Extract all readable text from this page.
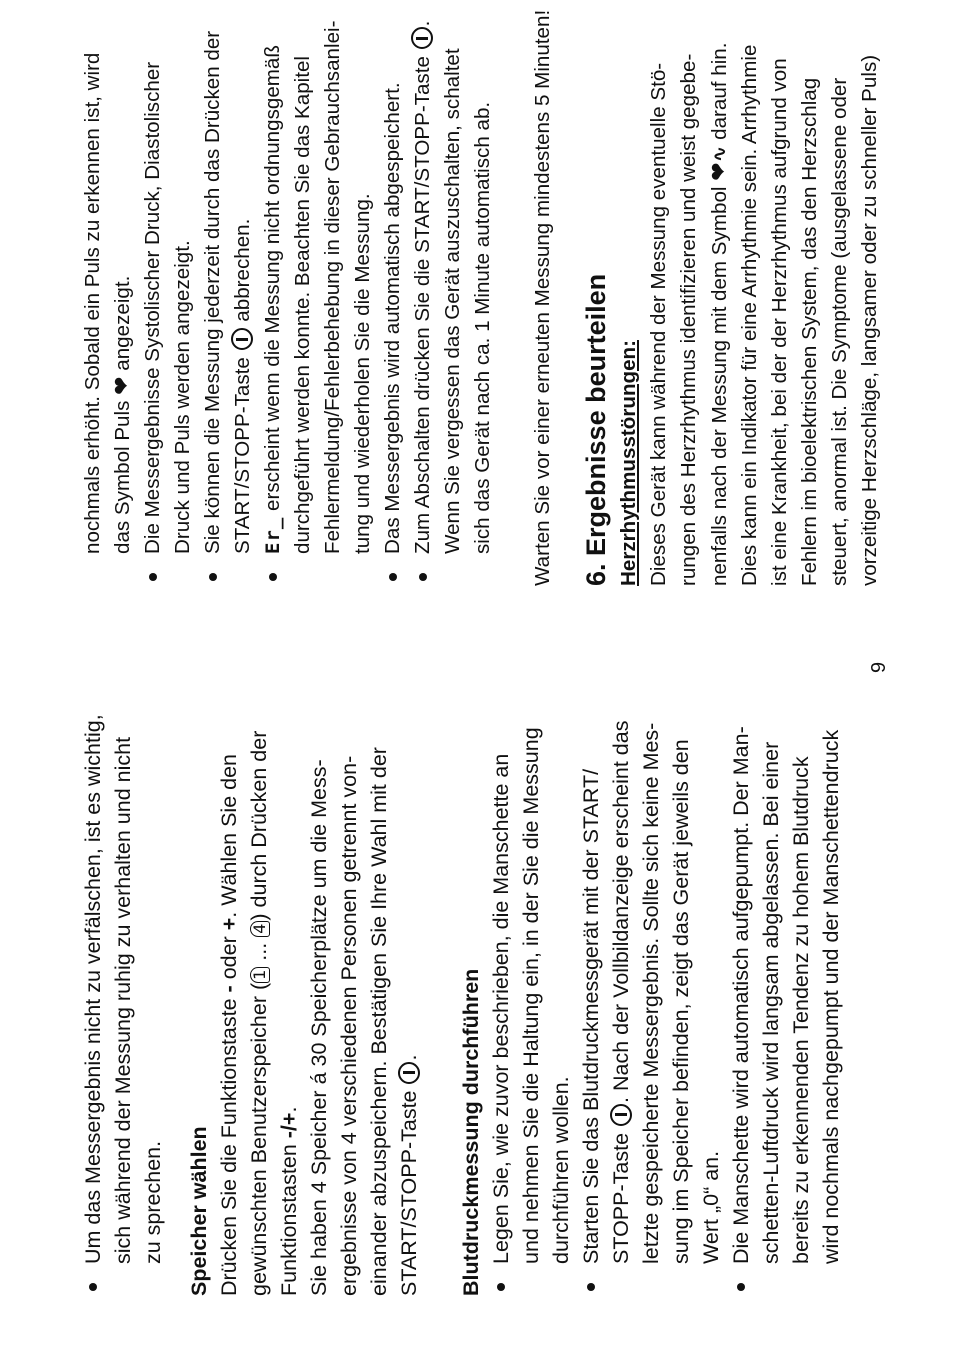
Um das Messergebnis nicht zu verfälschen, ist es wichtig, sich während der Messung ruhig zu verhalten und nicht zu sprechen. Speicher wählen Drücken Sie die Funktionstaste - oder +. Wählen Sie den
gewünschten Benutzerspeicher (1 ... 4) durch Drücken der
Funktionstasten -/+. Sie haben 4 Speicher á 30 Speicherplätze um die Mess- ergebnisse von 4 verschiedenen Personen getrennt von- einander abzuspeichern. Bestätigen Sie Ihre Wahl mit der START/STOPP-Taste . Blutdruckmessung durchführen Legen Sie, wie zuvor beschrieben, die Manschette an und nehmen Sie die Haltung ein, in der Sie die Messung durchführen wollen. Starten Sie das Blutdruckmessgerät mit der START/ STOPP-Taste . Nach der Vollbildanzeige erscheint das letzte gespeicherte Messergebnis. Sollte sich keine Mes- sung im Speicher befinden, zeigt das Gerät jeweils den Wert „0“ an. Die Manschette wird automatisch aufgepumpt. Der Man- schetten-Luftdruck wird langsam abgelassen. Bei einer bereits zu erkennenden Tendenz zu hohem Blutdruck wird nochmals nachgepumpt und der Manschettendruck
9
nochmals erhöht. Sobald ein Puls zu erkennen ist, wird das Symbol Puls ❤ angezeigt. Die Messergebnisse Systolischer Druck, Diastolischer Druck und Puls werden angezeigt. Sie können die Messung jederzeit durch das Drücken der START/STOPP-Taste  abbrechen.
Er_ erscheint wenn die Messung nicht ordnungsgemäß durchgeführt werden konnte. Beachten Sie das Kapitel Fehlermeldung/Fehlerbehebung in dieser Gebrauchsanlei- tung und wiederholen Sie die Messung. Das Messergebnis wird automatisch abgespeichert. Zum Abschalten drücken Sie die START/STOPP-Taste .
Wenn Sie vergessen das Gerät auszuschalten, schaltet sich das Gerät nach ca. 1 Minute automatisch ab. Warten Sie vor einer erneuten Messung mindestens 5 Minuten! 6. Ergebnisse beurteilen Herzrhythmusstörungen: Dieses Gerät kann während der Messung eventuelle Stö- rungen des Herzrhythmus identifizieren und weist gegebe- nenfalls nach der Messung mit dem Symbol ❤∿ darauf hin. Dies kann ein Indikator für eine Arrhythmie sein. Arrhythmie ist eine Krankheit, bei der der Herzrhythmus aufgrund von Fehlern im bioelektrischen System, das den Herzschlag steuert, anormal ist. Die Symptome (ausgelassene oder vorzeitige Herzschläge, langsamer oder zu schneller Puls)
